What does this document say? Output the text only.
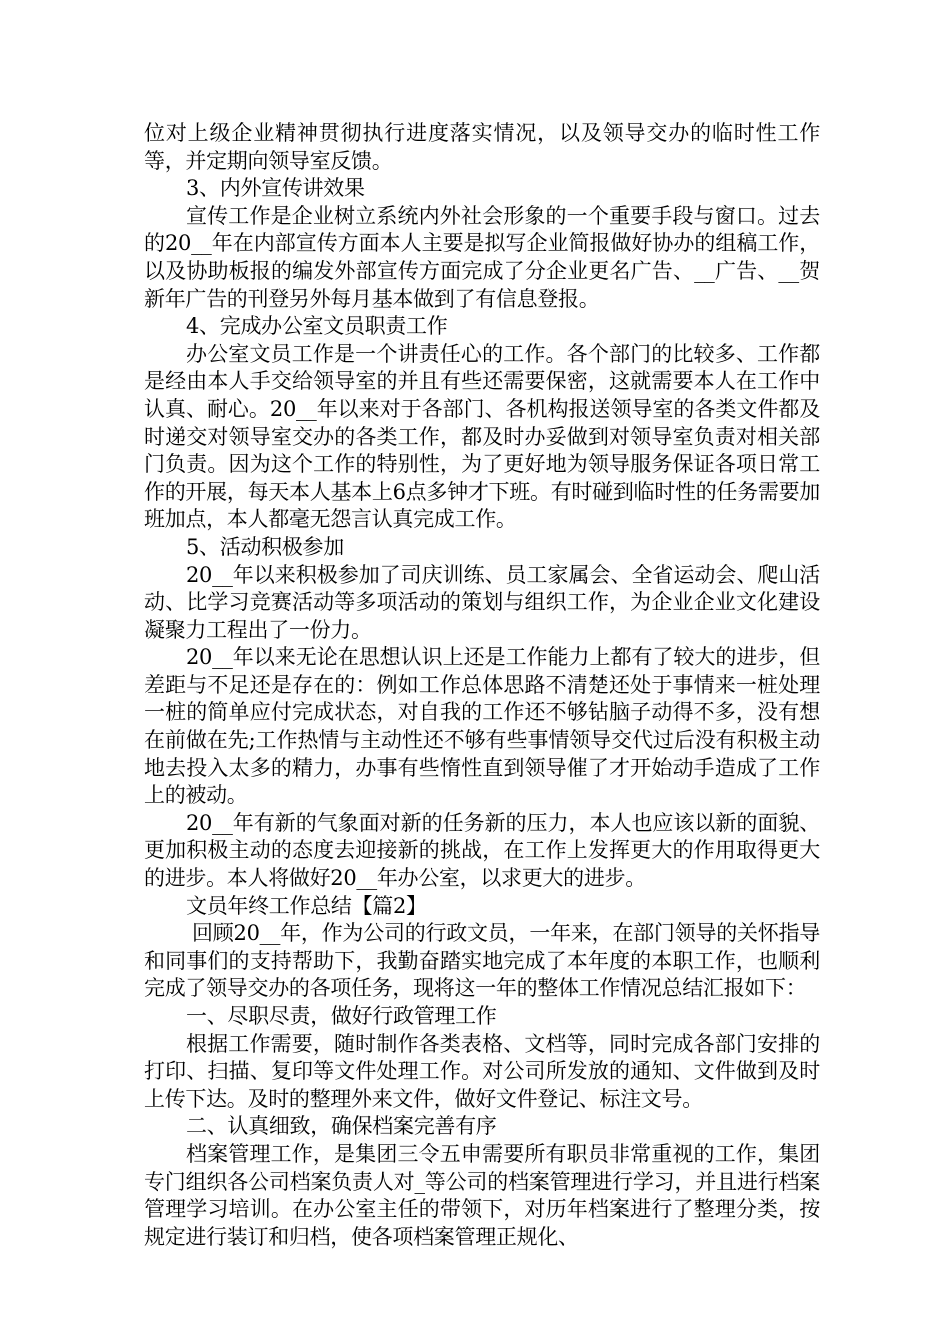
位对上级企业精神贯彻执行进度落实情况，以及领导交办的临时性工作等，并定期向领导室反馈。

3、内外宣传讲效果

宣传工作是企业树立系统内外社会形象的一个重要手段与窗口。过去的20__年在内部宣传方面本人主要是拟写企业简报做好协办的组稿工作，以及协助板报的编发外部宣传方面完成了分企业更名广告、__广告、__贺新年广告的刊登另外每月基本做到了有信息登报。

4、完成办公室文员职责工作

办公室文员工作是一个讲责任心的工作。各个部门的比较多、工作都是经由本人手交给领导室的并且有些还需要保密，这就需要本人在工作中认真、耐心。20__年以来对于各部门、各机构报送领导室的各类文件都及时递交对领导室交办的各类工作，都及时办妥做到对领导室负责对相关部门负责。因为这个工作的特别性，为了更好地为领导服务保证各项日常工作的开展，每天本人基本上6点多钟才下班。有时碰到临时性的任务需要加班加点，本人都毫无怨言认真完成工作。

5、活动积极参加

20__年以来积极参加了司庆训练、员工家属会、全省运动会、爬山活动、比学习竞赛活动等多项活动的策划与组织工作，为企业企业文化建设凝聚力工程出了一份力。

20__年以来无论在思想认识上还是工作能力上都有了较大的进步，但差距与不足还是存在的：例如工作总体思路不清楚还处于事情来一桩处理一桩的简单应付完成状态，对自我的工作还不够钻脑子动得不多，没有想在前做在先;工作热情与主动性还不够有些事情领导交代过后没有积极主动地去投入太多的精力，办事有些惰性直到领导催了才开始动手造成了工作上的被动。

20__年有新的气象面对新的任务新的压力，本人也应该以新的面貌、更加积极主动的态度去迎接新的挑战，在工作上发挥更大的作用取得更大的进步。本人将做好20__年办公室，以求更大的进步。

文员年终工作总结【篇2】

回顾20__年，作为公司的行政文员，一年来，在部门领导的关怀指导和同事们的支持帮助下，我勤奋踏实地完成了本年度的本职工作，也顺利完成了领导交办的各项任务，现将这一年的整体工作情况总结汇报如下：

一、尽职尽责，做好行政管理工作

根据工作需要，随时制作各类表格、文档等，同时完成各部门安排的打印、扫描、复印等文件处理工作。对公司所发放的通知、文件做到及时上传下达。及时的整理外来文件，做好文件登记、标注文号。

二、认真细致，确保档案完善有序

档案管理工作，是集团三令五申需要所有职员非常重视的工作，集团专门组织各公司档案负责人对_等公司的档案管理进行学习，并且进行档案管理学习培训。在办公室主任的带领下，对历年档案进行了整理分类，按规定进行装订和归档，使各项档案管理正规化、
